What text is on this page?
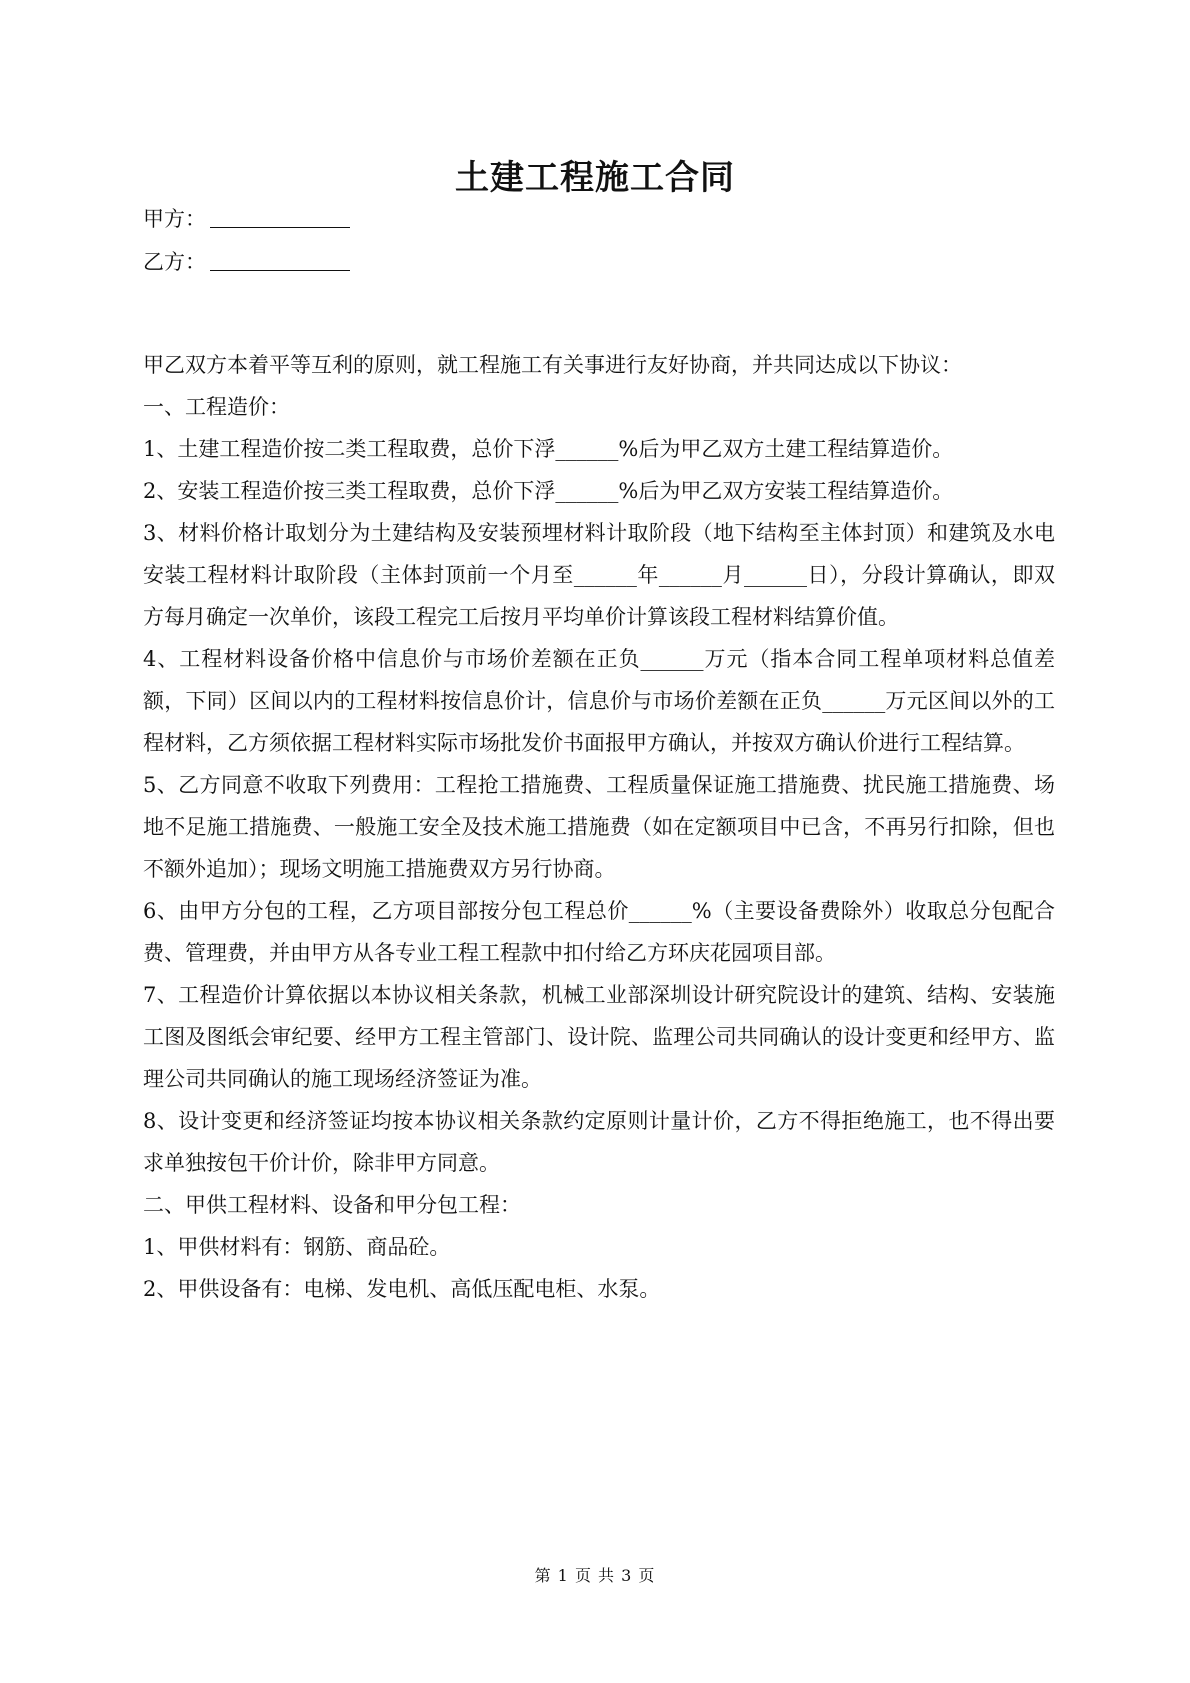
土建工程施工合同
甲方：
乙方：

甲乙双方本着平等互利的原则，就工程施工有关事进行友好协商，并共同达成以下协议：

一、工程造价：

1、土建工程造价按二类工程取费，总价下浮______%后为甲乙双方土建工程结算造价。

2、安装工程造价按三类工程取费，总价下浮______%后为甲乙双方安装工程结算造价。

3、材料价格计取划分为土建结构及安装预埋材料计取阶段（地下结构至主体封顶）和建筑及水电安装工程材料计取阶段（主体封顶前一个月至______年______月______日），分段计算确认，即双方每月确定一次单价，该段工程完工后按月平均单价计算该段工程材料结算价值。

4、工程材料设备价格中信息价与市场价差额在正负______万元（指本合同工程单项材料总值差额，下同）区间以内的工程材料按信息价计，信息价与市场价差额在正负______万元区间以外的工程材料，乙方须依据工程材料实际市场批发价书面报甲方确认，并按双方确认价进行工程结算。

5、乙方同意不收取下列费用：工程抢工措施费、工程质量保证施工措施费、扰民施工措施费、场地不足施工措施费、一般施工安全及技术施工措施费（如在定额项目中已含，不再另行扣除，但也不额外追加）；现场文明施工措施费双方另行协商。

6、由甲方分包的工程，乙方项目部按分包工程总价______%（主要设备费除外）收取总分包配合费、管理费，并由甲方从各专业工程工程款中扣付给乙方环庆花园项目部。

7、工程造价计算依据以本协议相关条款，机械工业部深圳设计研究院设计的建筑、结构、安装施工图及图纸会审纪要、经甲方工程主管部门、设计院、监理公司共同确认的设计变更和经甲方、监理公司共同确认的施工现场经济签证为准。

8、设计变更和经济签证均按本协议相关条款约定原则计量计价，乙方不得拒绝施工，也不得出要求单独按包干价计价，除非甲方同意。

二、甲供工程材料、设备和甲分包工程：

1、甲供材料有：钢筋、商品砼。

2、甲供设备有：电梯、发电机、高低压配电柜、水泵。

第 1 页 共 3 页
